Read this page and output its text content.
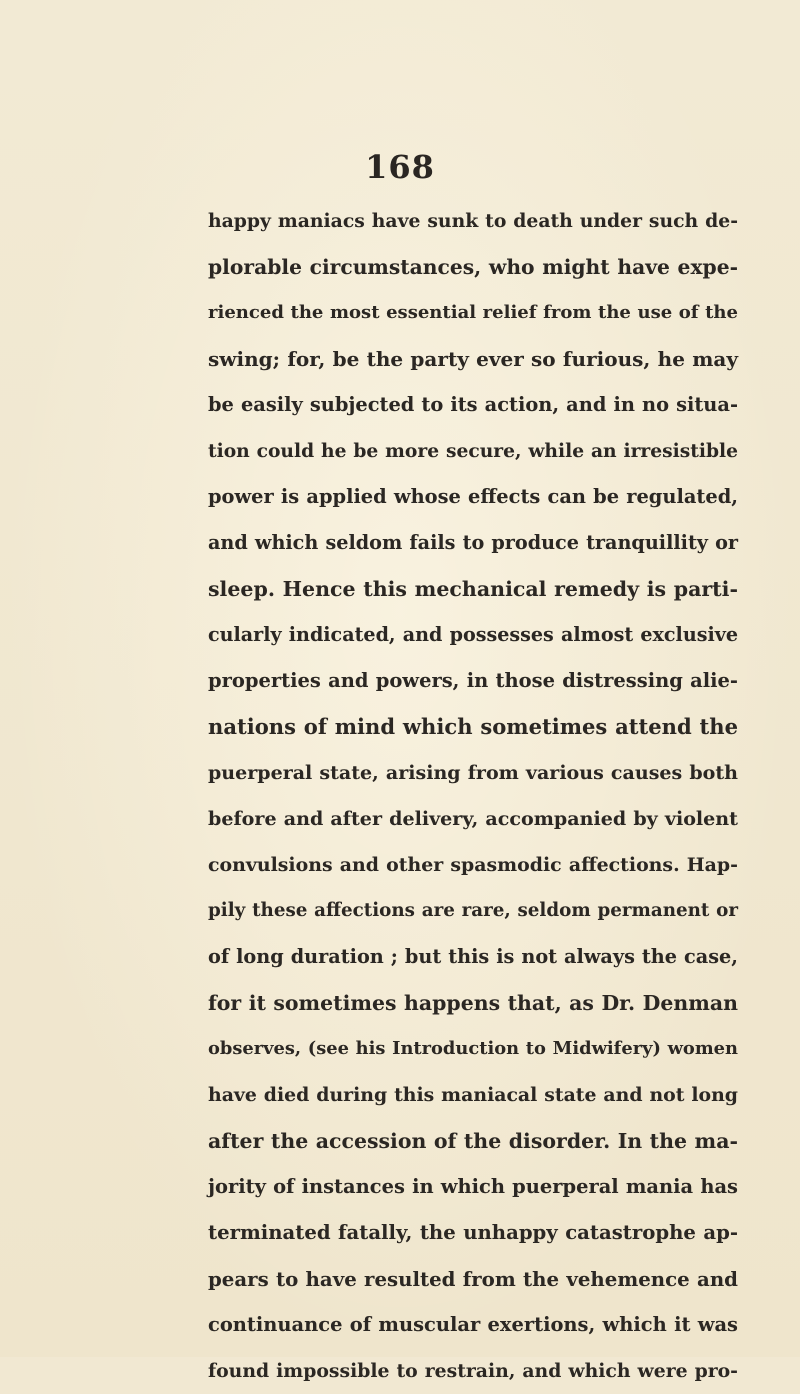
168
happy maniacs have sunk to death under such de-
plorable circumstances, who might have expe-
rienced the most essential relief from the use of the
swing; for, be the party ever so furious, he may
be easily subjected to its action, and in no situa-
tion could he be more secure, while an irresistible
power is applied whose effects can be regulated,
and which seldom fails to produce tranquillity or
sleep. Hence this mechanical remedy is parti-
cularly indicated, and possesses almost exclusive
properties and powers, in those distressing alie-
nations of mind which sometimes attend the
puerperal state, arising from various causes both
before and after delivery, accompanied by violent
convulsions and other spasmodic affections. Hap-
pily these affections are rare, seldom permanent or
of long duration ; but this is not always the case,
for it sometimes happens that, as Dr. Denman
observes, (see his Introduction to Midwifery) women
have died during this maniacal state and not long
after the accession of the disorder. In the ma-
jority of instances in which puerperal mania has
terminated fatally, the unhappy catastrophe ap-
pears to have resulted from the vehemence and
continuance of muscular exertions, which it was
found impossible to restrain, and which were pro-
